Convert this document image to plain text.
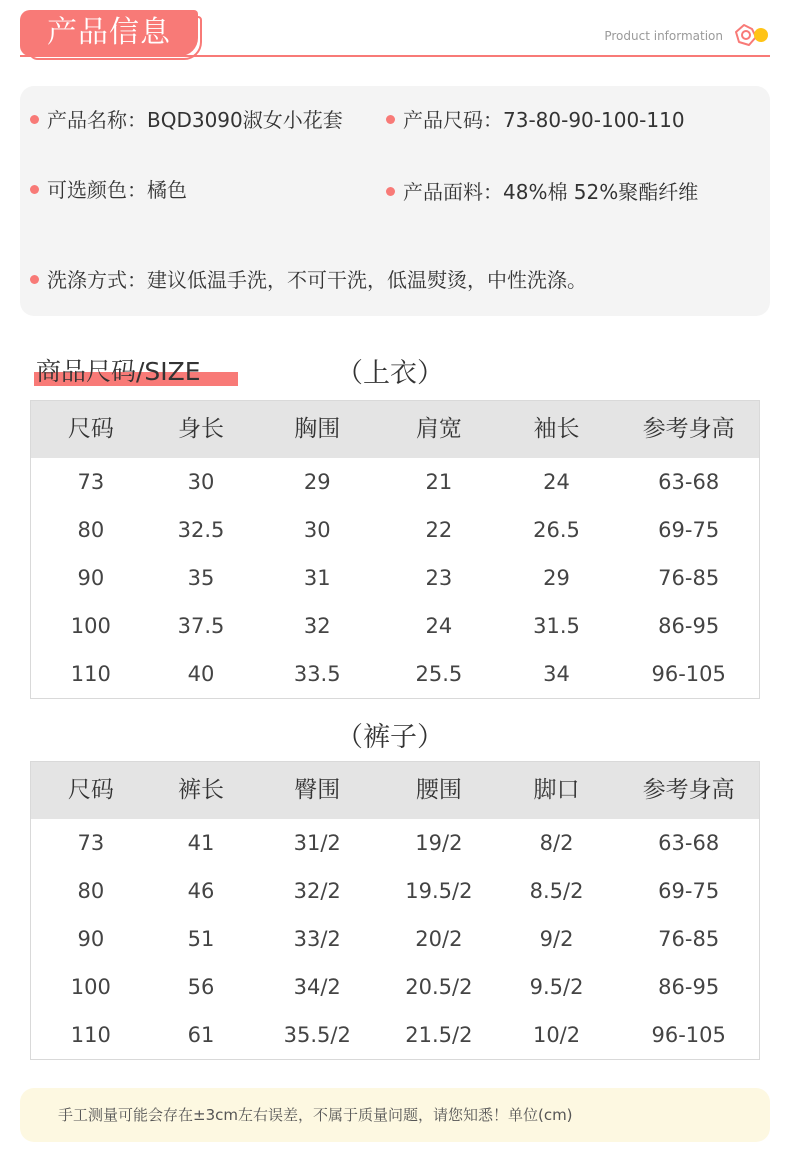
产品信息	Product information
产品名称：BQD3090淑女小花套	产品尺码：73-80-90-100-110
可选颜色：橘色	产品面料：48%棉 52%聚酯纤维
洗涤方式：建议低温手洗，不可干洗，低温熨烫，中性洗涤。
商品尺码/SIZE	（上衣）
尺码	身长	胸围	肩宽	袖长	参考身高
73	30	29	21	24	63-68
80	32.5	30	22	26.5	69-75
90	35	31	23	29	76-85
100	37.5	32	24	31.5	86-95
110	40	33.5	25.5	34	96-105
（裤子）
尺码	裤长	臀围	腰围	脚口	参考身高
73	41	31/2	19/2	8/2	63-68
80	46	32/2	19.5/2	8.5/2	69-75
90	51	33/2	20/2	9/2	76-85
100	56	34/2	20.5/2	9.5/2	86-95
110	61	35.5/2	21.5/2	10/2	96-105
手工测量可能会存在±3cm左右误差，不属于质量问题，请您知悉！单位(cm)
